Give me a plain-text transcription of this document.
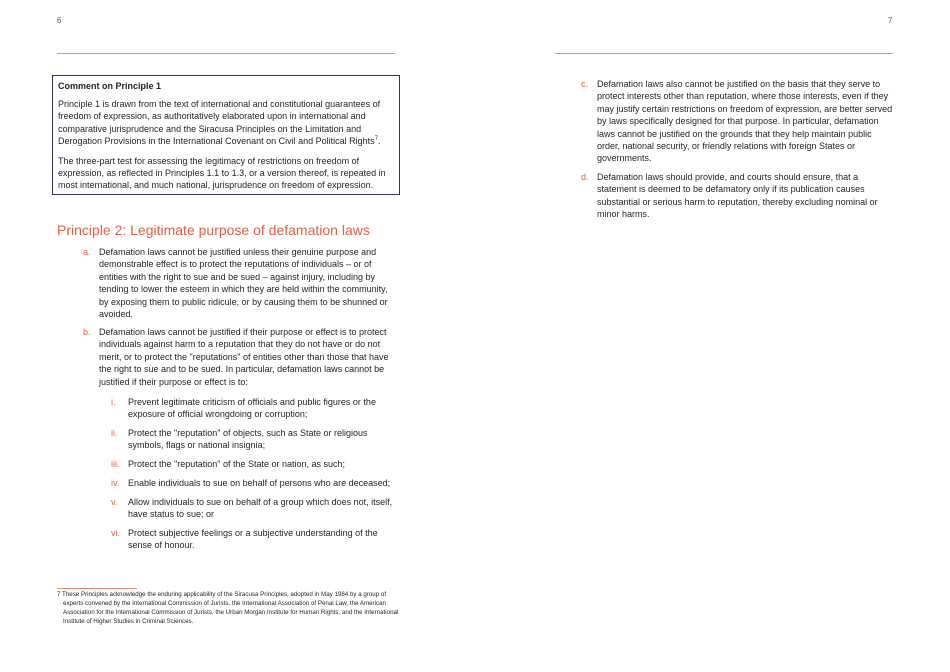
6	7

Comment on Principle 1

Principle 1 is drawn from the text of international and constitutional guarantees of freedom of expression, as authoritatively elaborated upon in international and comparative jurisprudence and the Siracusa Principles on the Limitation and Derogation Provisions in the International Covenant on Civil and Political Rights$^7$.

The three-part test for assessing the legitimacy of restrictions on freedom of expression, as reflected in Principles 1.1 to 1.3, or a version thereof, is repeated in most international, and much national, jurisprudence on freedom of expression.

Principle 2: Legitimate purpose of defamation laws
a. Defamation laws cannot be justified unless their genuine purpose and demonstrable effect is to protect the reputations of individuals – or of entities with the right to sue and be sued – against injury, including by tending to lower the esteem in which they are held within the community, by exposing them to public ridicule, or by causing them to be shunned or avoided.
b. Defamation laws cannot be justified if their purpose or effect is to protect individuals against harm to a reputation that they do not have or do not merit, or to protect the "reputations" of entities other than those that have the right to sue and to be sued. In particular, defamation laws cannot be justified if their purpose or effect is to:
i. Prevent legitimate criticism of officials and public figures or the exposure of official wrongdoing or corruption;
ii. Protect the "reputation" of objects, such as State or religious symbols, flags or national insignia;
iii. Protect the "reputation" of the State or nation, as such;
iv. Enable individuals to sue on behalf of persons who are deceased;
v. Allow individuals to sue on behalf of a group which does not, itself, have status to sue; or
vi. Protect subjective feelings or a subjective understanding of the sense of honour.
c. Defamation laws also cannot be justified on the basis that they serve to protect interests other than reputation, where those interests, even if they may justify certain restrictions on freedom of expression, are better served by laws specifically designed for that purpose. In particular, defamation laws cannot be justified on the grounds that they help maintain public order, national security, or friendly relations with foreign States or governments.
d. Defamation laws should provide, and courts should ensure, that a statement is deemed to be defamatory only if its publication causes substantial or serious harm to reputation, thereby excluding nominal or minor harms.
7 These Principles acknowledge the enduring applicability of the Siracusa Principles, adopted in May 1984 by a group of experts convened by the International Commission of Jurists, the International Association of Penal Law, the American Association for the International Commission of Jurists, the Urban Morgan Institute for Human Rights, and the International Institute of Higher Studies in Criminal Sciences.
